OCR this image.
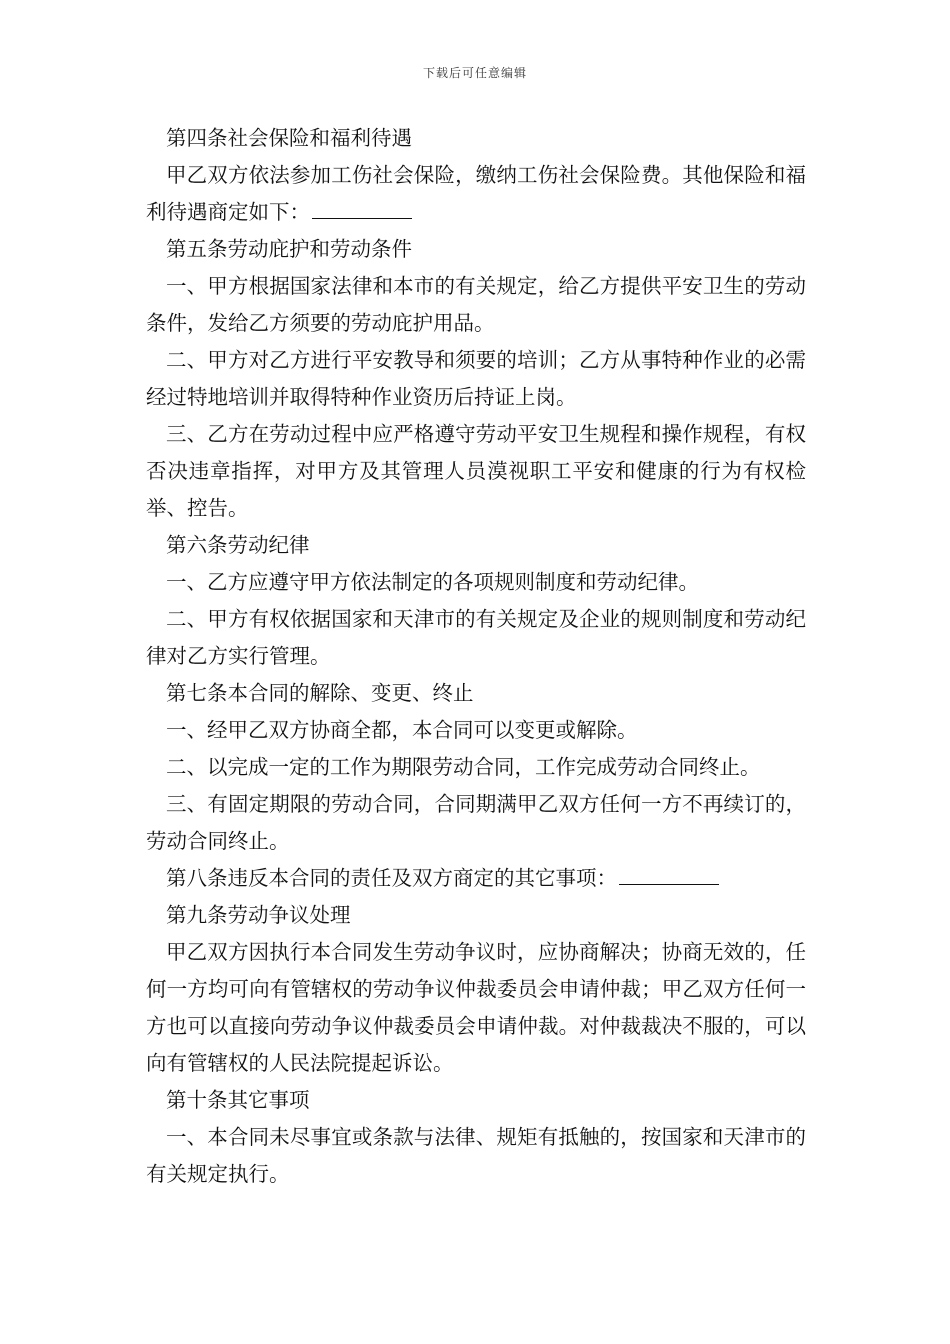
下载后可任意编辑

第四条社会保险和福利待遇

甲乙双方依法参加工伤社会保险，缴纳工伤社会保险费。其他保险和福利待遇商定如下：

第五条劳动庇护和劳动条件

一、甲方根据国家法律和本市的有关规定，给乙方提供平安卫生的劳动条件，发给乙方须要的劳动庇护用品。

二、甲方对乙方进行平安教导和须要的培训；乙方从事特种作业的必需经过特地培训并取得特种作业资历后持证上岗。

三、乙方在劳动过程中应严格遵守劳动平安卫生规程和操作规程，有权否决违章指挥，对甲方及其管理人员漠视职工平安和健康的行为有权检举、控告。

第六条劳动纪律

一、乙方应遵守甲方依法制定的各项规则制度和劳动纪律。

二、甲方有权依据国家和天津市的有关规定及企业的规则制度和劳动纪律对乙方实行管理。

第七条本合同的解除、变更、终止

一、经甲乙双方协商全都，本合同可以变更或解除。

二、以完成一定的工作为期限劳动合同，工作完成劳动合同终止。

三、有固定期限的劳动合同，合同期满甲乙双方任何一方不再续订的，劳动合同终止。

第八条违反本合同的责任及双方商定的其它事项：

第九条劳动争议处理

甲乙双方因执行本合同发生劳动争议时，应协商解决；协商无效的，任何一方均可向有管辖权的劳动争议仲裁委员会申请仲裁；甲乙双方任何一方也可以直接向劳动争议仲裁委员会申请仲裁。对仲裁裁决不服的，可以向有管辖权的人民法院提起诉讼。

第十条其它事项

一、本合同未尽事宜或条款与法律、规矩有抵触的，按国家和天津市的有关规定执行。
